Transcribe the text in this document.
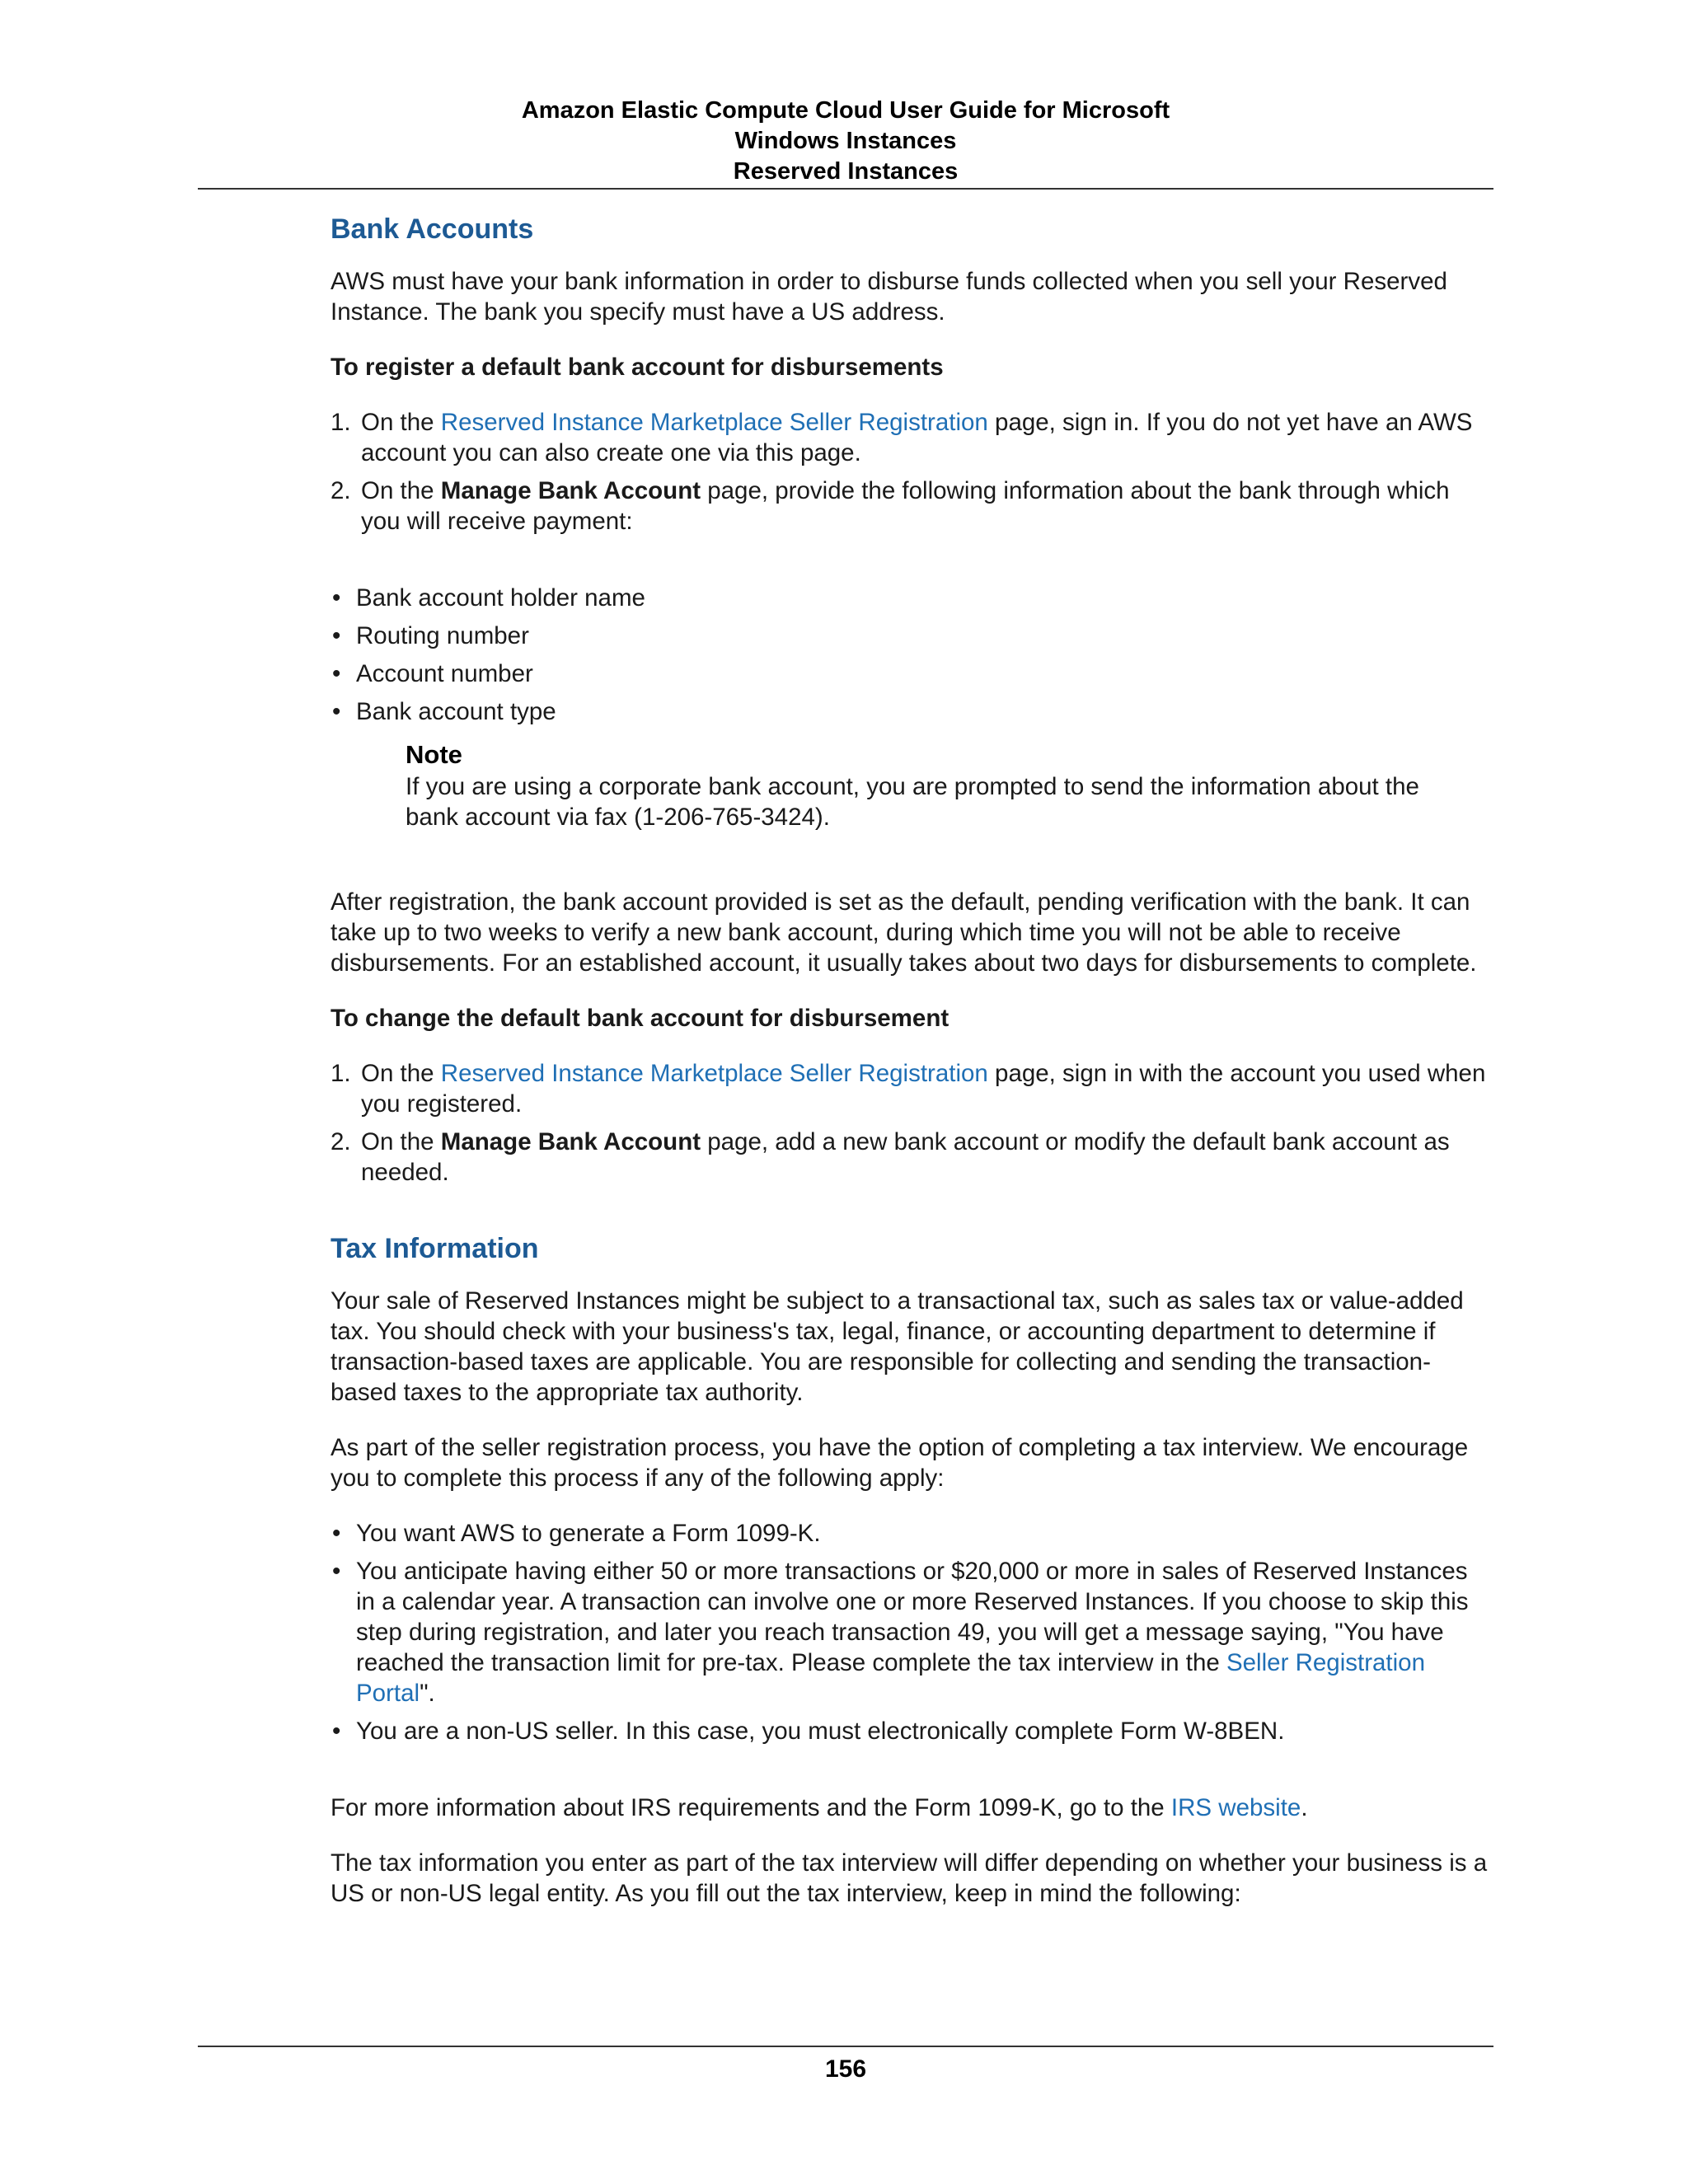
Amazon Elastic Compute Cloud User Guide for Microsoft
Windows Instances
Reserved Instances
Bank Accounts

AWS must have your bank information in order to disburse funds collected when you sell your Reserved Instance. The bank you specify must have a US address.

To register a default bank account for disbursements

1. On the Reserved Instance Marketplace Seller Registration page, sign in. If you do not yet have an AWS account you can also create one via this page.
2. On the Manage Bank Account page, provide the following information about the bank through which you will receive payment:
• Bank account holder name
• Routing number
• Account number
• Bank account type
Note
If you are using a corporate bank account, you are prompted to send the information about the bank account via fax (1-206-765-3424).

After registration, the bank account provided is set as the default, pending verification with the bank. It can take up to two weeks to verify a new bank account, during which time you will not be able to receive disbursements. For an established account, it usually takes about two days for disbursements to complete.

To change the default bank account for disbursement

1. On the Reserved Instance Marketplace Seller Registration page, sign in with the account you used when you registered.
2. On the Manage Bank Account page, add a new bank account or modify the default bank account as needed.
Tax Information

Your sale of Reserved Instances might be subject to a transactional tax, such as sales tax or value-added tax. You should check with your business's tax, legal, finance, or accounting department to determine if transaction-based taxes are applicable. You are responsible for collecting and sending the transaction-based taxes to the appropriate tax authority.

As part of the seller registration process, you have the option of completing a tax interview. We encourage you to complete this process if any of the following apply:

• You want AWS to generate a Form 1099-K.
• You anticipate having either 50 or more transactions or $20,000 or more in sales of Reserved Instances in a calendar year. A transaction can involve one or more Reserved Instances. If you choose to skip this step during registration, and later you reach transaction 49, you will get a message saying, "You have reached the transaction limit for pre-tax. Please complete the tax interview in the Seller Registration Portal".
• You are a non-US seller. In this case, you must electronically complete Form W-8BEN.

For more information about IRS requirements and the Form 1099-K, go to the IRS website.

The tax information you enter as part of the tax interview will differ depending on whether your business is a US or non-US legal entity. As you fill out the tax interview, keep in mind the following:

156
